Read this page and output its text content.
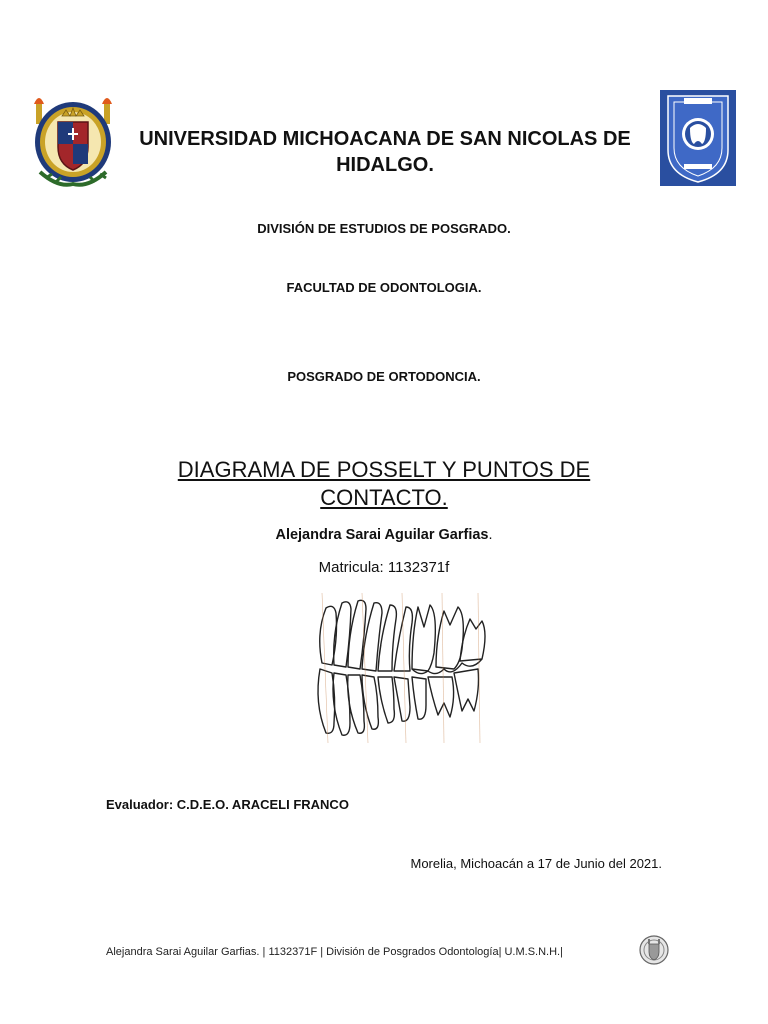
UNIVERSIDAD MICHOACANA DE SAN NICOLAS DE HIDALGO.
DIVISIÓN DE ESTUDIOS DE POSGRADO.
FACULTAD DE ODONTOLOGIA.
POSGRADO DE ORTODONCIA.
DIAGRAMA DE POSSELT Y PUNTOS DE CONTACTO.
Alejandra Sarai Aguilar Garfias.
Matricula: 1132371f
Evaluador: C.D.E.O. ARACELI FRANCO
Morelia, Michoacán a 17 de Junio del 2021.
Alejandra Sarai Aguilar Garfias. | 1132371F | División de Posgrados Odontología| U.M.S.N.H.|
